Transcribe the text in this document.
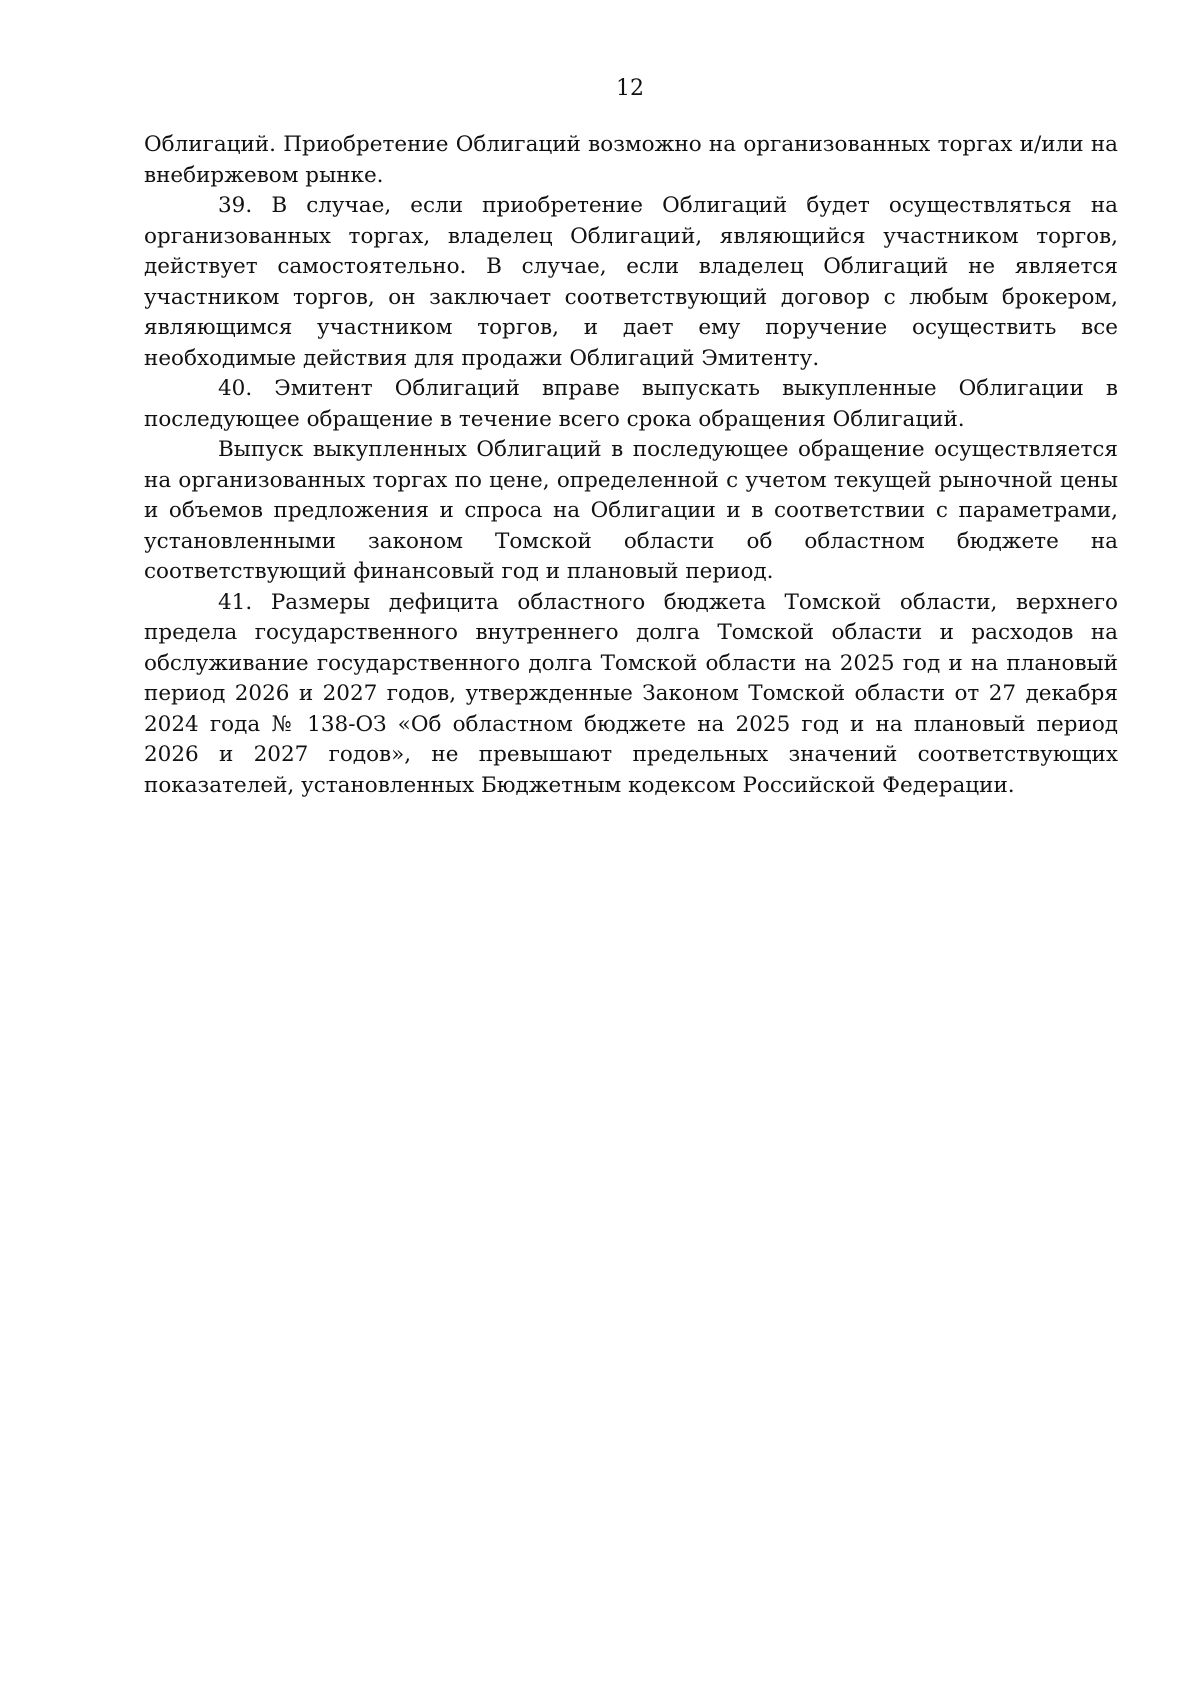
12

Облигаций. Приобретение Облигаций возможно на организованных торгах и/или на внебиржевом рынке.

39. В случае, если приобретение Облигаций будет осуществляться на организованных торгах, владелец Облигаций, являющийся участником торгов, действует самостоятельно. В случае, если владелец Облигаций не является участником торгов, он заключает соответствующий договор с любым брокером, являющимся участником торгов, и дает ему поручение осуществить все необходимые действия для продажи Облигаций Эмитенту.

40. Эмитент Облигаций вправе выпускать выкупленные Облигации в последующее обращение в течение всего срока обращения Облигаций.

Выпуск выкупленных Облигаций в последующее обращение осуществляется на организованных торгах по цене, определенной с учетом текущей рыночной цены и объемов предложения и спроса на Облигации и в соответствии с параметрами, установленными законом Томской области об областном бюджете на соответствующий финансовый год и плановый период.

41. Размеры дефицита областного бюджета Томской области, верхнего предела государственного внутреннего долга Томской области и расходов на обслуживание государственного долга Томской области на 2025 год и на плановый период 2026 и 2027 годов, утвержденные Законом Томской области от 27 декабря 2024 года № 138-ОЗ «Об областном бюджете на 2025 год и на плановый период 2026 и 2027 годов», не превышают предельных значений соответствующих показателей, установленных Бюджетным кодексом Российской Федерации.
